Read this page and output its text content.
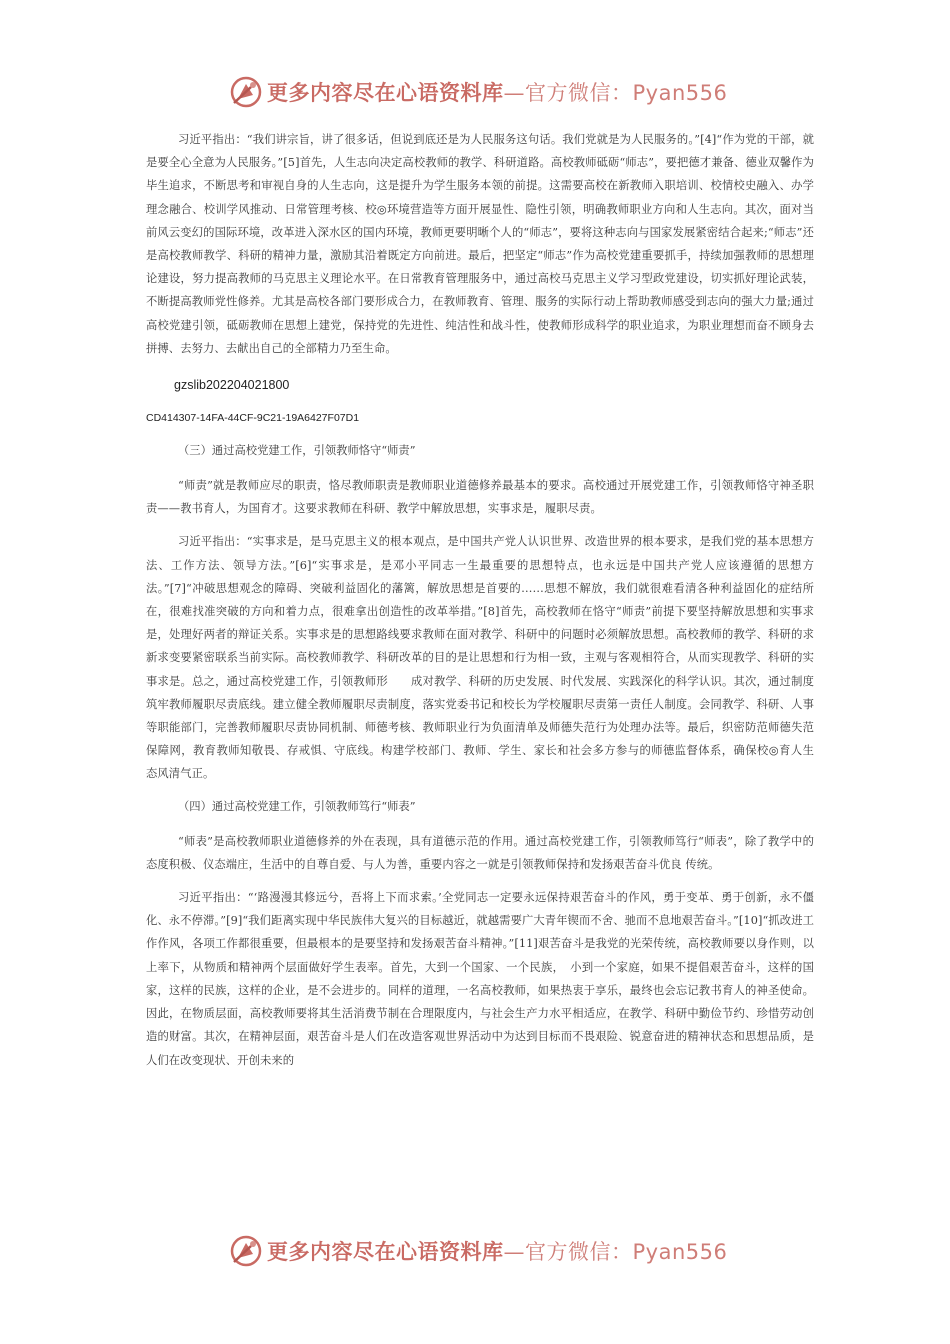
更多内容尽在心语资料库—官方微信：Pyan556

习近平指出：“我们讲宗旨，讲了很多话，但说到底还是为人民服务这句话。我们党就是为人民服务的。”[4]“作为党的干部，就是要全心全意为人民服务。”[5]首先，人生志向决定高校教师的教学、科研道路。高校教师砥砺“师志”，要把德才兼备、德业双馨作为毕生追求，不断思考和审视自身的人生志向，这是提升为学生服务本领的前提。这需要高校在新教师入职培训、校情校史融入、办学理念融合、校训学风推动、日常管理考核、校◎环境营造等方面开展显性、隐性引领，明确教师职业方向和人生志向。其次，面对当前风云变幻的国际环境，改革进入深水区的国内环境，教师更要明晰个人的“师志”，要将这种志向与国家发展紧密结合起来;“师志”还是高校教师教学、科研的精神力量，激励其沿着既定方向前进。最后，把坚定“师志”作为高校党建重要抓手，持续加强教师的思想理论建设，努力提高教师的马克思主义理论水平。在日常教育管理服务中，通过高校马克思主义学习型政党建设，切实抓好理论武装，不断提高教师党性修养。尤其是高校各部门要形成合力，在教师教育、管理、服务的实际行动上帮助教师感受到志向的强大力量;通过高校党建引领，砥砺教师在思想上建党，保持党的先进性、纯洁性和战斗性，使教师形成科学的职业追求，为职业理想而奋不顾身去拼搏、去努力、去献出自己的全部精力乃至生命。

gzslib202204021800
CD414307-14FA-44CF-9C21-19A6427F07D1

（三）通过高校党建工作，引领教师恪守“师责”

“师责”就是教师应尽的职责，恪尽教师职责是教师职业道德修养最基本的要求。高校通过开展党建工作，引领教师恪守神圣职责——教书育人，为国育才。这要求教师在科研、教学中解放思想，实事求是，履职尽责。

习近平指出：“实事求是，是马克思主义的根本观点，是中国共产党人认识世界、改造世界的根本要求，是我们党的基本思想方法、工作方法、领导方法。”[6]“实事求是，是邓小平同志一生最重要的思想特点，也永远是中国共产党人应该遵循的思想方法。”[7]“冲破思想观念的障碍、突破利益固化的藩篱，解放思想是首要的……思想不解放，我们就很难看清各种利益固化的症结所在，很难找准突破的方向和着力点，很难拿出创造性的改革举措。”[8]首先，高校教师在恪守“师责”前提下要坚持解放思想和实事求是，处理好两者的辩证关系。实事求是的思想路线要求教师在面对教学、科研中的问题时必须解放思想。高校教师的教学、科研的求新求变要紧密联系当前实际。高校教师教学、科研改革的目的是让思想和行为相一致，主观与客观相符合，从而实现教学、科研的实事求是。总之，通过高校党建工作，引领教师形　　成对教学、科研的历史发展、时代发展、实践深化的科学认识。其次，通过制度筑牢教师履职尽责底线。建立健全教师履职尽责制度，落实党委书记和校长为学校履职尽责第一责任人制度。会同教学、科研、人事等职能部门，完善教师履职尽责协同机制、师德考核、教师职业行为负面清单及师德失范行为处理办法等。最后，织密防范师德失范保障网，教育教师知敬畏、存戒惧、守底线。构建学校部门、教师、学生、家长和社会多方参与的师德监督体系，确保校◎育人生　　态风清气正。

（四）通过高校党建工作，引领教师笃行“师表”

“师表”是高校教师职业道德修养的外在表现，具有道德示范的作用。通过高校党建工作，引领教师笃行“师表”，除了教学中的态度积极、仪态端庄，生活中的自尊自爱、与人为善，重要内容之一就是引领教师保持和发扬艰苦奋斗优良 传统。

习近平指出：“‘路漫漫其修远兮，吾将上下而求索。’全党同志一定要永远保持艰苦奋斗的作风，勇于变革、勇于创新，永不僵化、永不停滞。”[9]“我们距离实现中华民族伟大复兴的目标越近，就越需要广大青年锲而不舍、驰而不息地艰苦奋斗。”[10]“抓改进工作作风，各项工作都很重要，但最根本的是要坚持和发扬艰苦奋斗精神。”[11]艰苦奋斗是我党的光荣传统，高校教师要以身作则，以上率下，从物质和精神两个层面做好学生表率。首先，大到一个国家、一个民族，　小到一个家庭，如果不提倡艰苦奋斗，这样的国家，这样的民族，这样的企业，是不会进步的。同样的道理，一名高校教师，如果热衷于享乐，最终也会忘记教书育人的神圣使命。因此，在物质层面，高校教师要将其生活消费节制在合理限度内，与社会生产力水平相适应，在教学、科研中勤俭节约、珍惜劳动创造的财富。其次，在精神层面，艰苦奋斗是人们在改造客观世界活动中为达到目标而不畏艰险、锐意奋进的精神状态和思想品质，是人们在改变现状、开创未来的

更多内容尽在心语资料库—官方微信：Pyan556
